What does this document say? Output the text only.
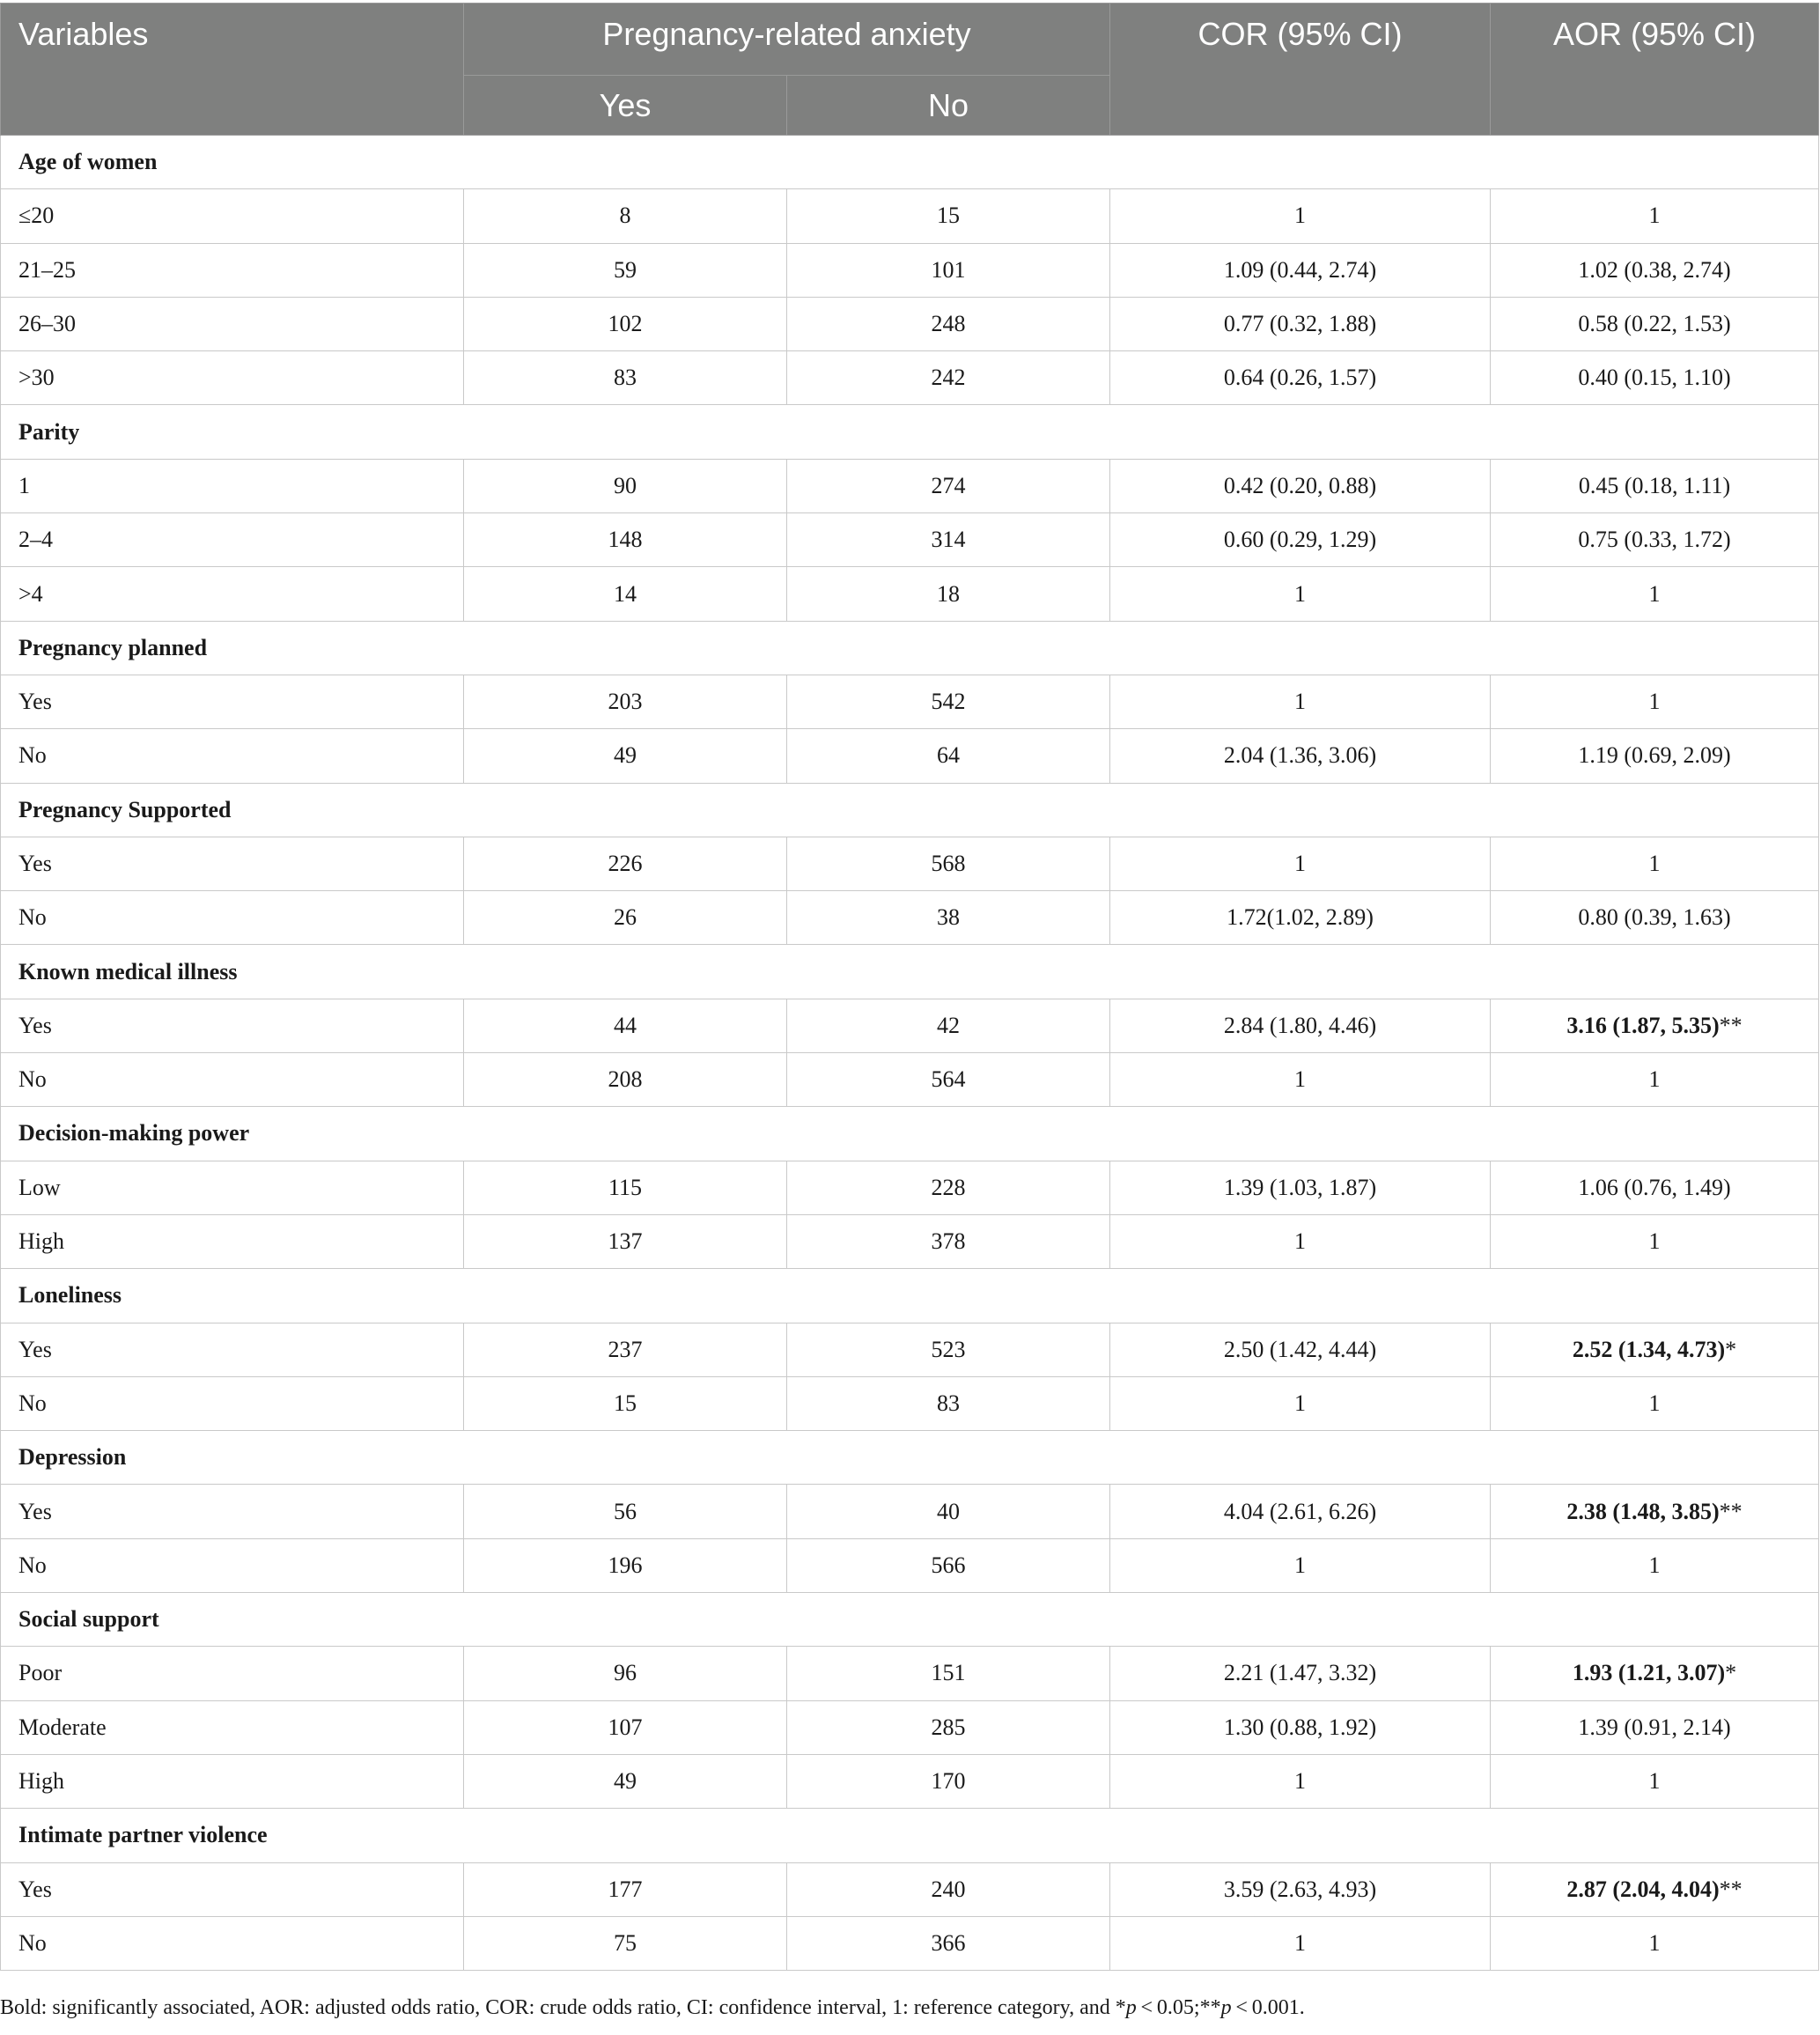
Variables	Pregnancy-related anxiety		COR (95% CI)	AOR (95% CI)
	Yes	No		
Age of women				
≤20	8	15	1	1
21–25	59	101	1.09 (0.44, 2.74)	1.02 (0.38, 2.74)
26–30	102	248	0.77 (0.32, 1.88)	0.58 (0.22, 1.53)
>30	83	242	0.64 (0.26, 1.57)	0.40 (0.15, 1.10)
Parity				
1	90	274	0.42 (0.20, 0.88)	0.45 (0.18, 1.11)
2–4	148	314	0.60 (0.29, 1.29)	0.75 (0.33, 1.72)
>4	14	18	1	1
Pregnancy planned				
Yes	203	542	1	1
No	49	64	2.04 (1.36, 3.06)	1.19 (0.69, 2.09)
Pregnancy Supported				
Yes	226	568	1	1
No	26	38	1.72(1.02, 2.89)	0.80 (0.39, 1.63)
Known medical illness				
Yes	44	42	2.84 (1.80, 4.46)	3.16 (1.87, 5.35)**
No	208	564	1	1
Decision-making power				
Low	115	228	1.39 (1.03, 1.87)	1.06 (0.76, 1.49)
High	137	378	1	1
Loneliness				
Yes	237	523	2.50 (1.42, 4.44)	2.52 (1.34, 4.73)*
No	15	83	1	1
Depression				
Yes	56	40	4.04 (2.61, 6.26)	2.38 (1.48, 3.85)**
No	196	566	1	1
Social support				
Poor	96	151	2.21 (1.47, 3.32)	1.93 (1.21, 3.07)*
Moderate	107	285	1.30 (0.88, 1.92)	1.39 (0.91, 2.14)
High	49	170	1	1
Intimate partner violence				
Yes	177	240	3.59 (2.63, 4.93)	2.87 (2.04, 4.04)**
No	75	366	1	1
Bold: significantly associated, AOR: adjusted odds ratio, COR: crude odds ratio, CI: confidence interval, 1: reference category, and *p < 0.05;**p < 0.001.
